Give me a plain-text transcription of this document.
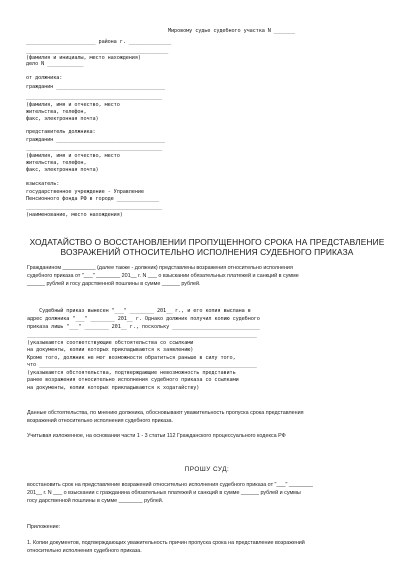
Мировому судье судебного участка N _______
_______________________ района г. ______________
_______________________________________________
(фамилия и инициалы, место нахождения)
дело N ____________
от должника:
гражданин ____________________________________
_____________________________________________
(фамилия, имя и отчество, место
жительства, телефон,
факс, электронная почта)
представитель должника:
гражданин ____________________________________
_____________________________________________
(фамилия, имя и отчество, место
жительства, телефон,
факс, электронная почта)
взыскатель:
государственное учреждение - Управление
Пенсионного фонда РФ в городе ______________
_____________________________________________
(наименование, место нахождения)
ХОДАТАЙСТВО О ВОССТАНОВЛЕНИИ ПРОПУЩЕННОГО СРОКА НА ПРЕДСТАВЛЕНИЕ
ВОЗРАЖЕНИЙ ОТНОСИТЕЛЬНО ИСПОЛНЕНИЯ СУДЕБНОГО ПРИКАЗА
Гражданином ___________ (далее также - должник) представлены возражения относительно исполнения
судебного приказа от "___" ________ 201__ г. N ___ о взыскании обязательных платежей и санкций в сумме
______ рублей и госу дарственной пошлины в сумме ______ рублей.
Судебный приказ вынесен "___" ________ 201__ г., и его копия выслана в
адрес должника "___" ________ 201__ г. Однако должник получил копию судебного
приказа лишь "___" ________ 201__ г., поскольку _____________________________
____________________________________________________________________________
(указываются соответствующие обстоятельства со ссылками
на документы, копии которых прикладываются к заявлению)
Кроме того, должник не мог возможности обратиться раньше в силу того,
что ________________________________________________________________________
(указываются обстоятельства, подтверждающие невозможность представить
ранее возражения относительно исполнения судебного приказа со ссылками
на документы, копии которых прикладываются к ходатайству)
Данные обстоятельства, по мнению должника, обосновывают уважительность пропуска срока представления
возражений относительно исполнения судебного приказа.
Учитывая изложенное, на основании части 1 - 3 статьи 112 Гражданского процессуального кодекса РФ
ПРОШУ СУД:
восстановить срок на представление возражений относительно исполнения судебного приказа от "___" ________
201__ г. N ___ о взыскании с гражданина обязательных платежей и санкций в сумме ______ рублей и суммы
госу дарственной пошлины в сумме ________ рублей.
Приложение:
1. Копии документов, подтверждающих уважительность причин пропуска срока на представление возражений
относительно исполнения судебного приказа.
